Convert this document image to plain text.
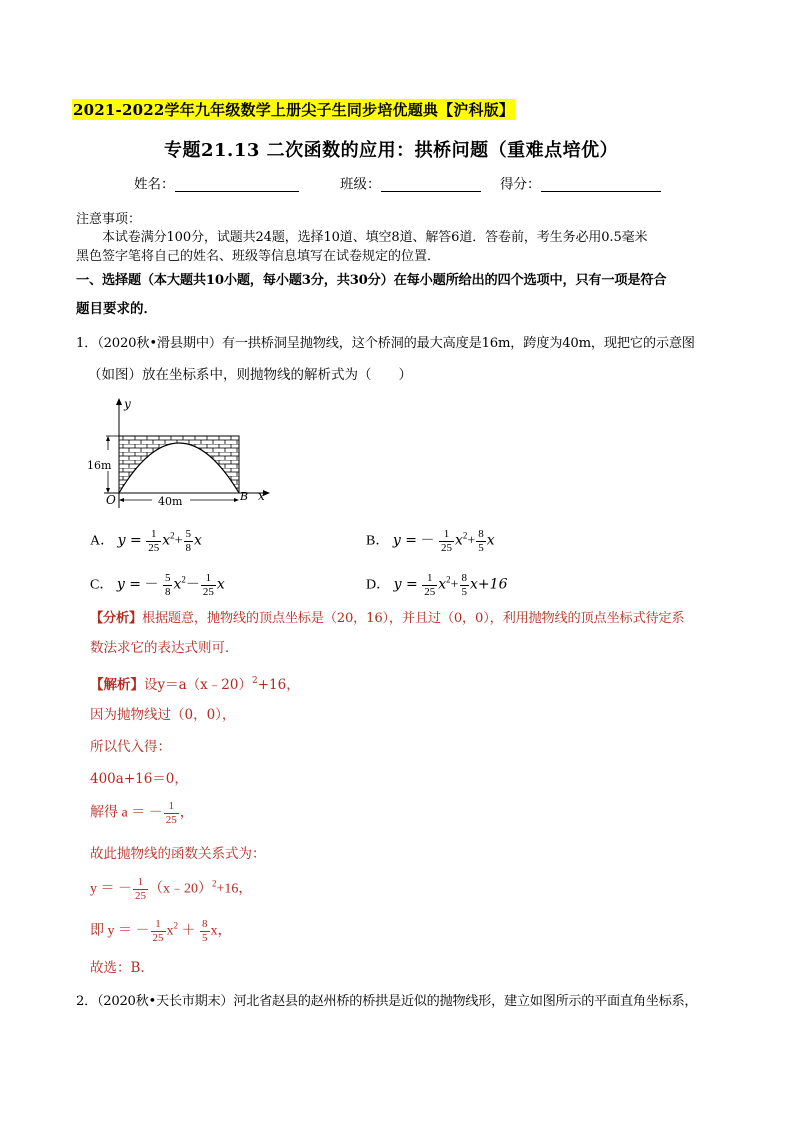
2021-2022学年九年级数学上册尖子生同步培优题典【沪科版】
专题21.13 二次函数的应用：拱桥问题（重难点培优）
姓名：	班级：	得分：
注意事项：
本试卷满分100分，试题共24题，选择10道、填空8道、解答6道．答卷前，考生务必用0.5毫米
黑色签字笔将自己的姓名、班级等信息填写在试卷规定的位置．
一、选择题（本大题共10小题，每小题3分，共30分）在每小题所给出的四个选项中，只有一项是符合
题目要求的．
1．（2020秋•滑县期中）有一拱桥洞呈抛物线，这个桥洞的最大高度是16m，跨度为40m，现把它的示意图
（如图）放在坐标系中，则抛物线的解析式为（　　）
y
x
O	B
16m
40m
A． $y = \frac{1}{25} x^2+ \frac{5}{8}$ x	B． y = － $\frac{1}{25} x^2+ \frac{8}{5}$ x
C． y = － $\frac{5}{8} x^2- \frac{1}{25}$ x	D． $y = \frac{1}{25} x^2+ \frac{8}{5} x+16$
【分析】根据题意，抛物线的顶点坐标是（20，16），并且过（0，0），利用抛物线的顶点坐标式待定系
数法求它的表达式则可．
【解析】设y＝a（x﹣20）$^2$+16，
因为抛物线过（0，0），
所以代入得：
400a+16＝0，
解得 a ＝ － $\frac{1}{25}$ ，
故此抛物线的函数关系式为：
y ＝ － $\frac{1}{25}$ （x﹣20）$^2$+16，
即 y ＝ － $\frac{1}{25} x^2 + \frac{8}{5}$ x，
故选：B．
2．（2020秋•天长市期末）河北省赵县的赵州桥的桥拱是近似的抛物线形，建立如图所示的平面直角坐标系，
